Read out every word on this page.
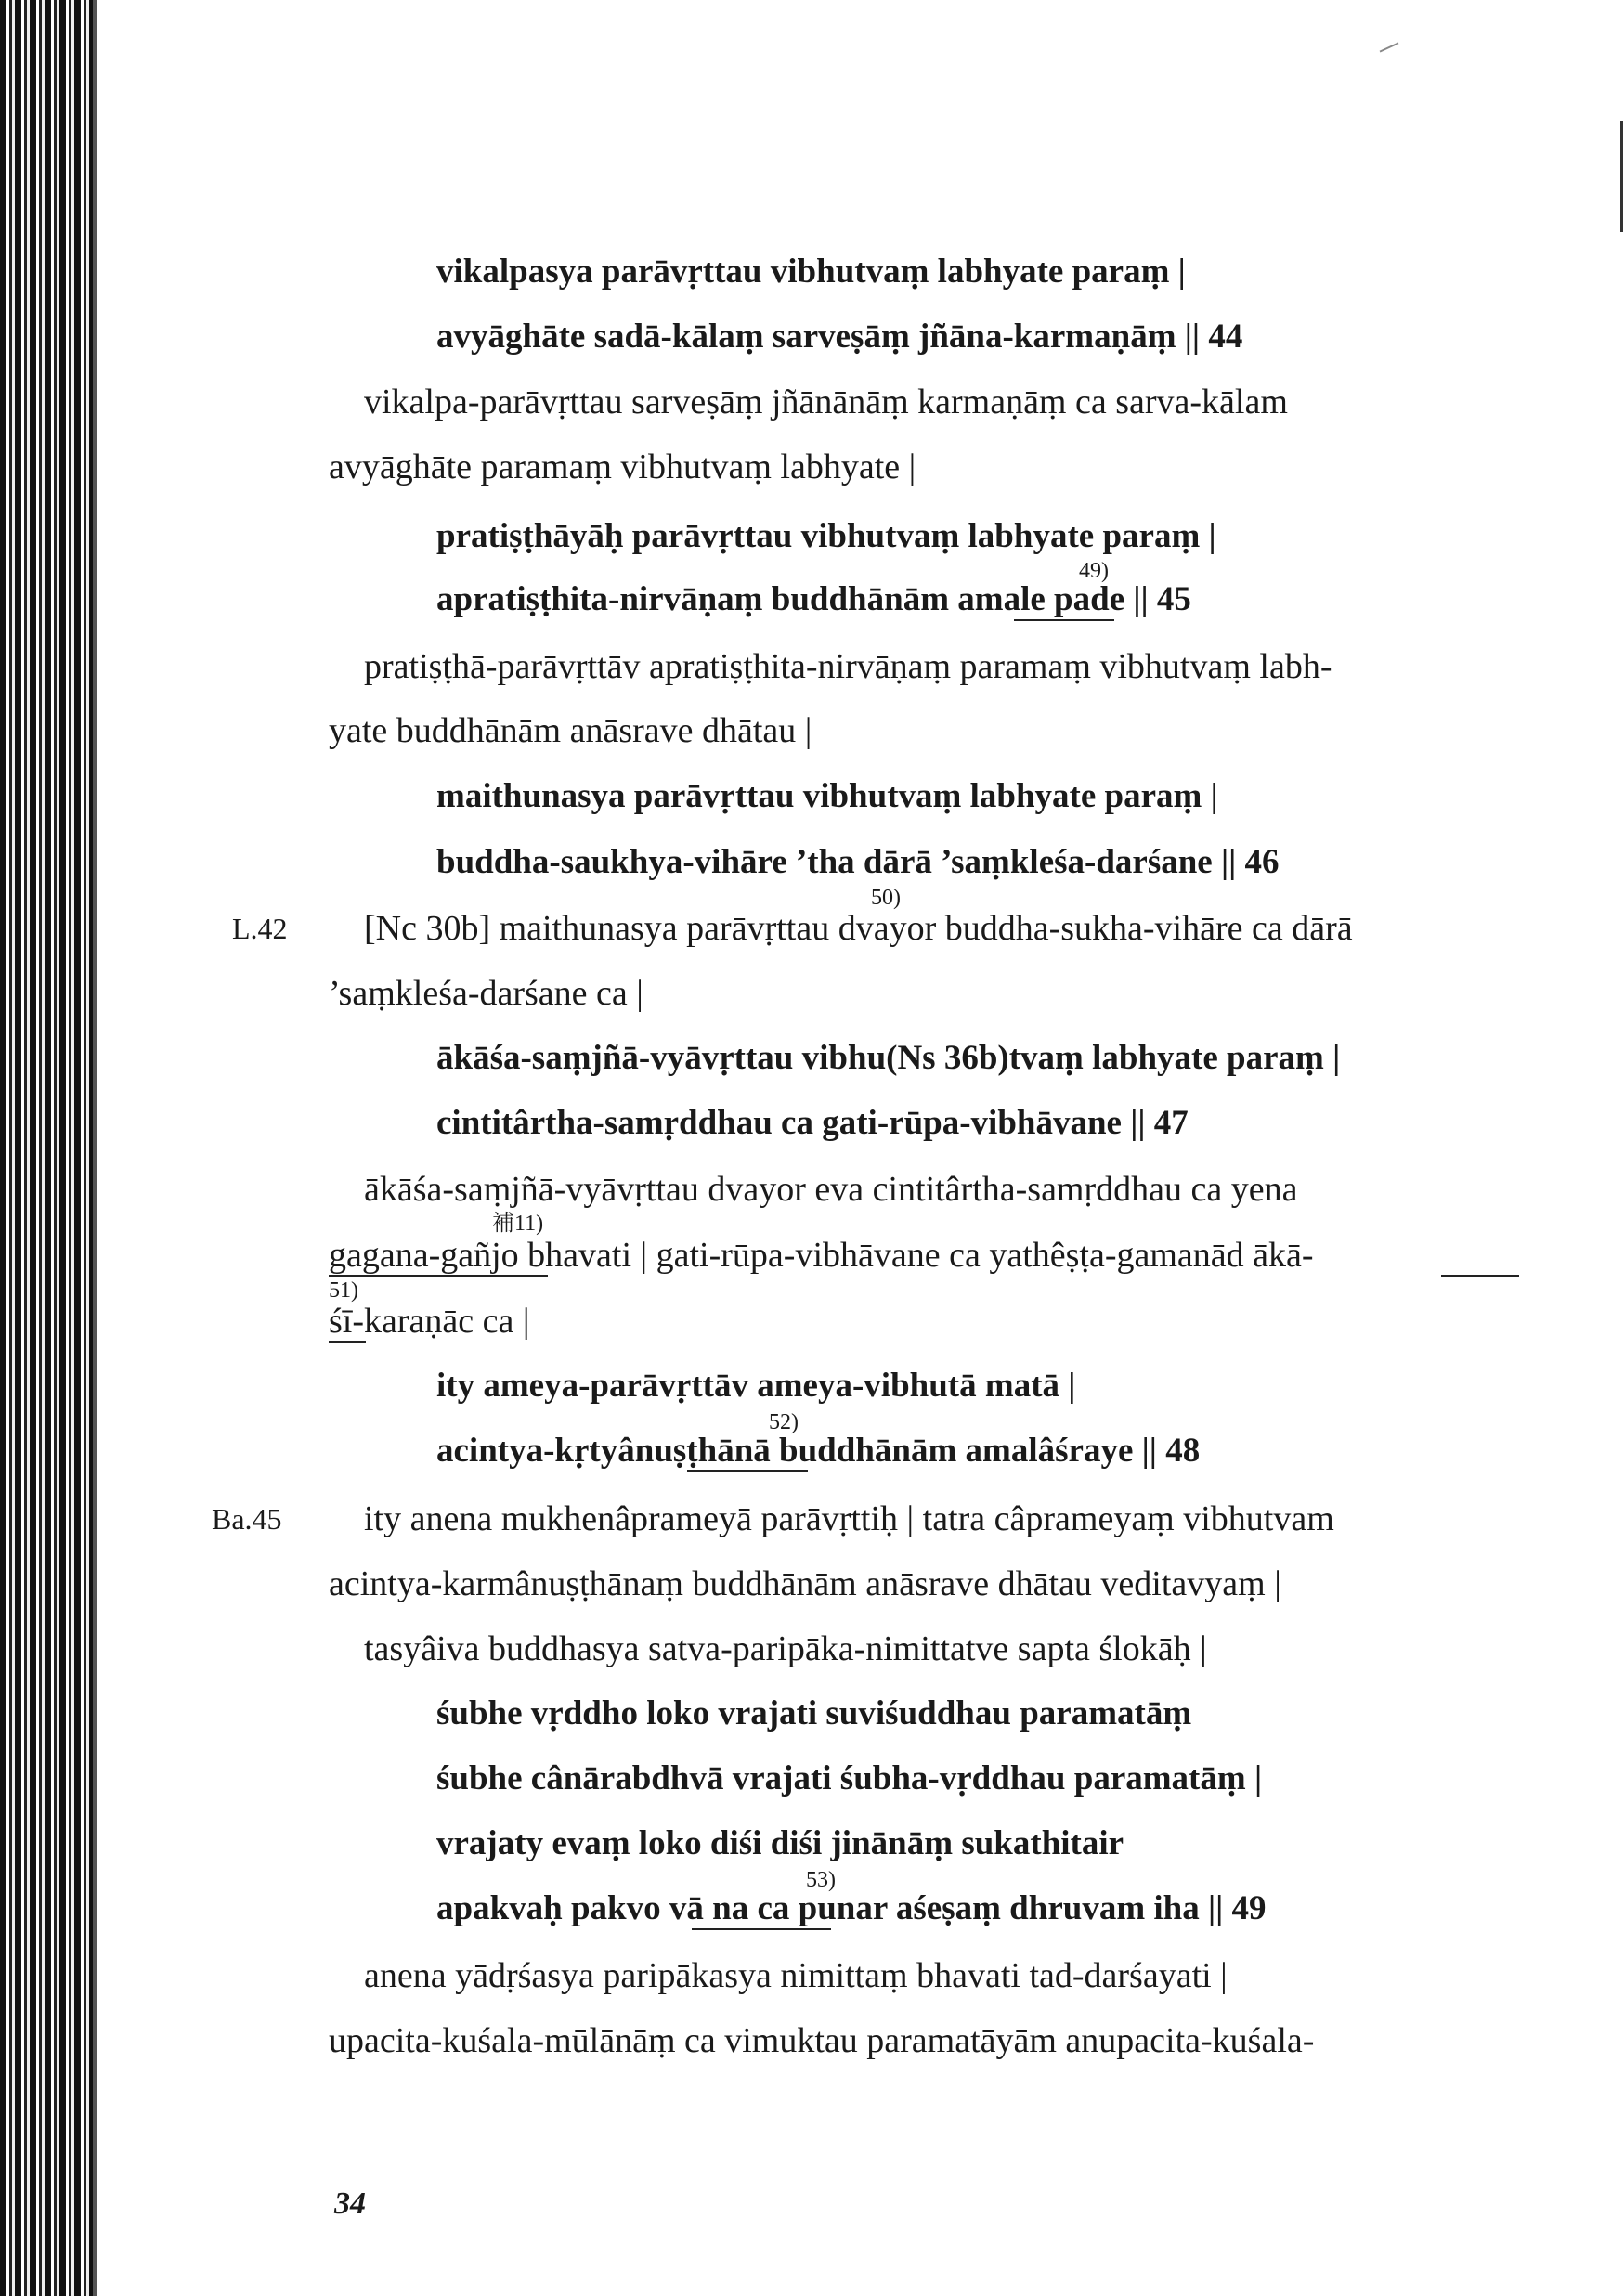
vikalpasya parāvṛttau vibhutvaṃ labhyate paraṃ |
avyāghāte sadā-kālaṃ sarveṣāṃ jñāna-karmaṇāṃ || 44
vikalpa-parāvṛttau sarveṣāṃ jñānānāṃ karmaṇāṃ ca sarva-kālam
avyāghāte paramaṃ vibhutvaṃ labhyate |
pratiṣṭhāyāḥ parāvṛttau vibhutvaṃ labhyate paraṃ |
49)
apratiṣṭhita-nirvāṇaṃ buddhānām amale pade || 45
pratiṣṭhā-parāvṛttāv apratiṣṭhita-nirvāṇaṃ paramaṃ vibhutvaṃ labh-
yate buddhānām anāsrave dhātau |
maithunasya parāvṛttau vibhutvaṃ labhyate paraṃ |
buddha-saukhya-vihāre ’tha dārā ’saṃkleśa-darśane || 46
50)
L.42 [Nc 30b] maithunasya parāvṛttau dvayor buddha-sukha-vihāre ca dārā
’saṃkleśa-darśane ca |
ākāśa-saṃjñā-vyāvṛttau vibhu(Ns 36b)tvaṃ labhyate paraṃ |
cintitârtha-samṛddhau ca gati-rūpa-vibhāvane || 47
ākāśa-saṃjñā-vyāvṛttau dvayor eva cintitârtha-samṛddhau ca yena
補11)
gagana-gañjo bhavati | gati-rūpa-vibhāvane ca yathêṣṭa-gamanād ākā-
51)
śī-karaṇāc ca |
ity ameya-parāvṛttāv ameya-vibhutā matā |
52)
acintya-kṛtyânuṣṭhānā buddhānām amalâśraye || 48
Ba.45 ity anena mukhenâprameyā parāvṛttiḥ | tatra câprameyaṃ vibhutvam
acintya-karmânuṣṭhānaṃ buddhānām anāsrave dhātau veditavyaṃ |
tasyâiva buddhasya satva-paripāka-nimittatve sapta ślokāḥ |
śubhe vṛddho loko vrajati suviśuddhau paramatāṃ
śubhe cânārabdhvā vrajati śubha-vṛddhau paramatāṃ |
vrajaty evaṃ loko diśi diśi jinānāṃ sukathitair
53)
apakvaḥ pakvo vā na ca punar aśeṣaṃ dhruvam iha || 49
anena yādṛśasya paripākasya nimittaṃ bhavati tad-darśayati |
upacita-kuśala-mūlānāṃ ca vimuktau paramatāyām anupacita-kuśala-
34
